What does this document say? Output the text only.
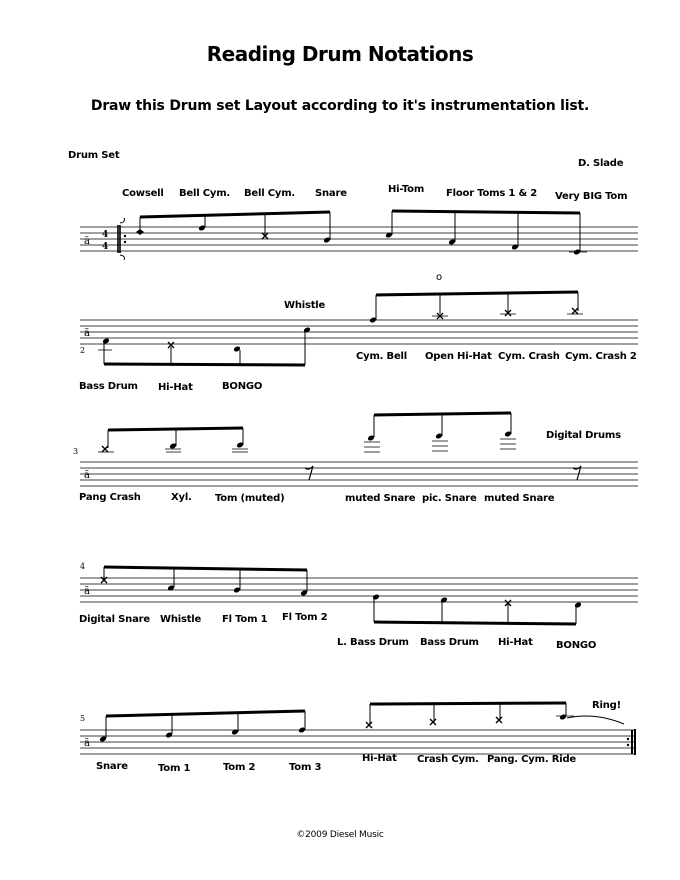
Reading Drum Notations
Draw this Drum set Layout according to it's instrumentation list.
Drum Set
D. Slade
Cowsell Bell Cym. Bell Cym. Snare	Hi-Tom Floor Toms 1 & 2 Very BIG Tom
Whistle
o
Cym. Bell Open Hi-Hat Cym. Crash Cym. Crash 2
Bass Drum Hi-Hat	BONGO
Digital Drums
Pang Crash	Xyl. Tom (muted)	muted Snare pic. Snare muted Snare
Digital Snare Whistle Fl Tom 1 Fl Tom 2
L. Bass Drum Bass Drum Hi-Hat BONGO
Ring!
Snare	Tom 1	Tom 2	Tom 3
Hi-Hat Crash Cym. Pang. Cym. Ride
2
3
4
5
©2009 Diesel Music
ã
4
4
ã
ã
ã
ã
